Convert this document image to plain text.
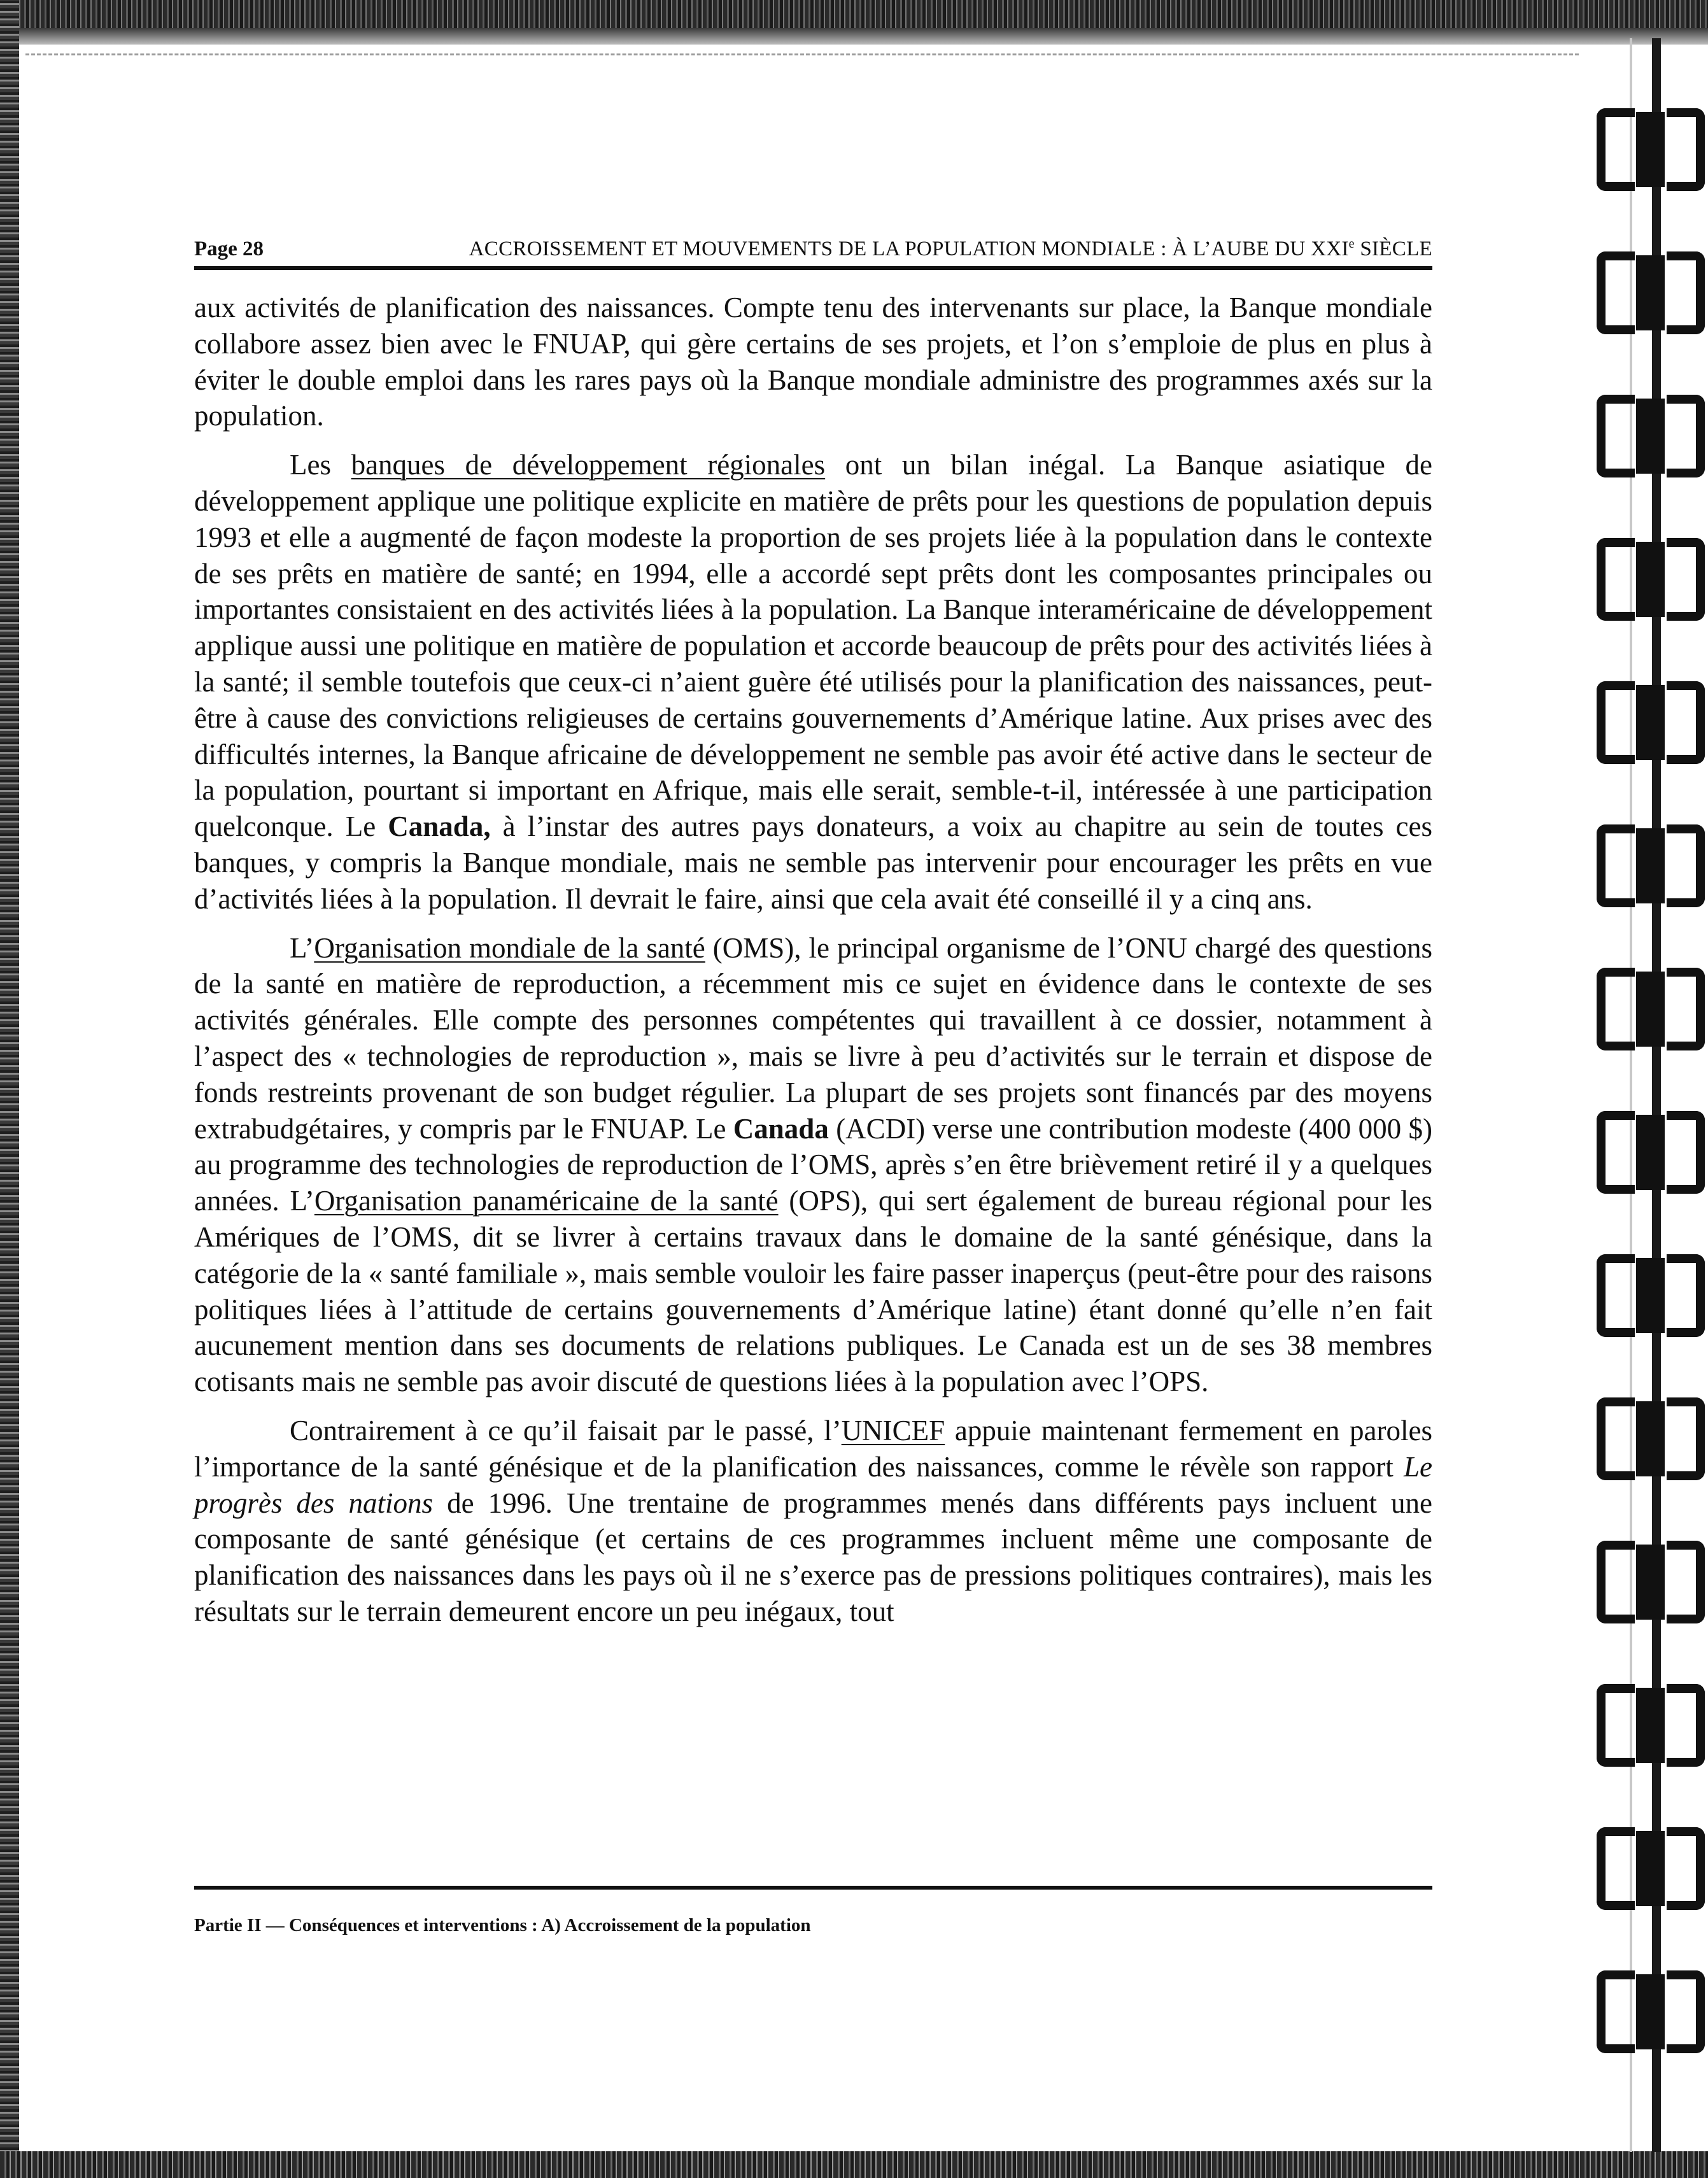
Page 28	ACCROISSEMENT ET MOUVEMENTS DE LA POPULATION MONDIALE : À L’AUBE DU XXIe SIÈCLE

aux activités de planification des naissances. Compte tenu des intervenants sur place, la Banque mondiale collabore assez bien avec le FNUAP, qui gère certains de ses projets, et l’on s’emploie de plus en plus à éviter le double emploi dans les rares pays où la Banque mondiale administre des programmes axés sur la population.

Les banques de développement régionales ont un bilan inégal. La Banque asiatique de développement applique une politique explicite en matière de prêts pour les questions de population depuis 1993 et elle a augmenté de façon modeste la proportion de ses projets liée à la population dans le contexte de ses prêts en matière de santé; en 1994, elle a accordé sept prêts dont les composantes principales ou importantes consistaient en des activités liées à la population. La Banque interaméricaine de développement applique aussi une politique en matière de population et accorde beaucoup de prêts pour des activités liées à la santé; il semble toutefois que ceux-ci n’aient guère été utilisés pour la planification des naissances, peut-être à cause des convictions religieuses de certains gouvernements d’Amérique latine. Aux prises avec des difficultés internes, la Banque africaine de développement ne semble pas avoir été active dans le secteur de la population, pourtant si important en Afrique, mais elle serait, semble-t-il, intéressée à une participation quelconque. Le Canada, à l’instar des autres pays donateurs, a voix au chapitre au sein de toutes ces banques, y compris la Banque mondiale, mais ne semble pas intervenir pour encourager les prêts en vue d’activités liées à la population. Il devrait le faire, ainsi que cela avait été conseillé il y a cinq ans.

L’Organisation mondiale de la santé (OMS), le principal organisme de l’ONU chargé des questions de la santé en matière de reproduction, a récemment mis ce sujet en évidence dans le contexte de ses activités générales. Elle compte des personnes compétentes qui travaillent à ce dossier, notamment à l’aspect des « technologies de reproduction », mais se livre à peu d’activités sur le terrain et dispose de fonds restreints provenant de son budget régulier. La plupart de ses projets sont financés par des moyens extrabudgétaires, y compris par le FNUAP. Le Canada (ACDI) verse une contribution modeste (400 000 $) au programme des technologies de reproduction de l’OMS, après s’en être brièvement retiré il y a quelques années. L’Organisation panaméricaine de la santé (OPS), qui sert également de bureau régional pour les Amériques de l’OMS, dit se livrer à certains travaux dans le domaine de la santé génésique, dans la catégorie de la « santé familiale », mais semble vouloir les faire passer inaperçus (peut-être pour des raisons politiques liées à l’attitude de certains gouvernements d’Amérique latine) étant donné qu’elle n’en fait aucunement mention dans ses documents de relations publiques. Le Canada est un de ses 38 membres cotisants mais ne semble pas avoir discuté de questions liées à la population avec l’OPS.

Contrairement à ce qu’il faisait par le passé, l’UNICEF appuie maintenant fermement en paroles l’importance de la santé génésique et de la planification des naissances, comme le révèle son rapport Le progrès des nations de 1996. Une trentaine de programmes menés dans différents pays incluent une composante de santé génésique (et certains de ces programmes incluent même une composante de planification des naissances dans les pays où il ne s’exerce pas de pressions politiques contraires), mais les résultats sur le terrain demeurent encore un peu inégaux, tout

Partie II — Conséquences et interventions : A) Accroissement de la population
